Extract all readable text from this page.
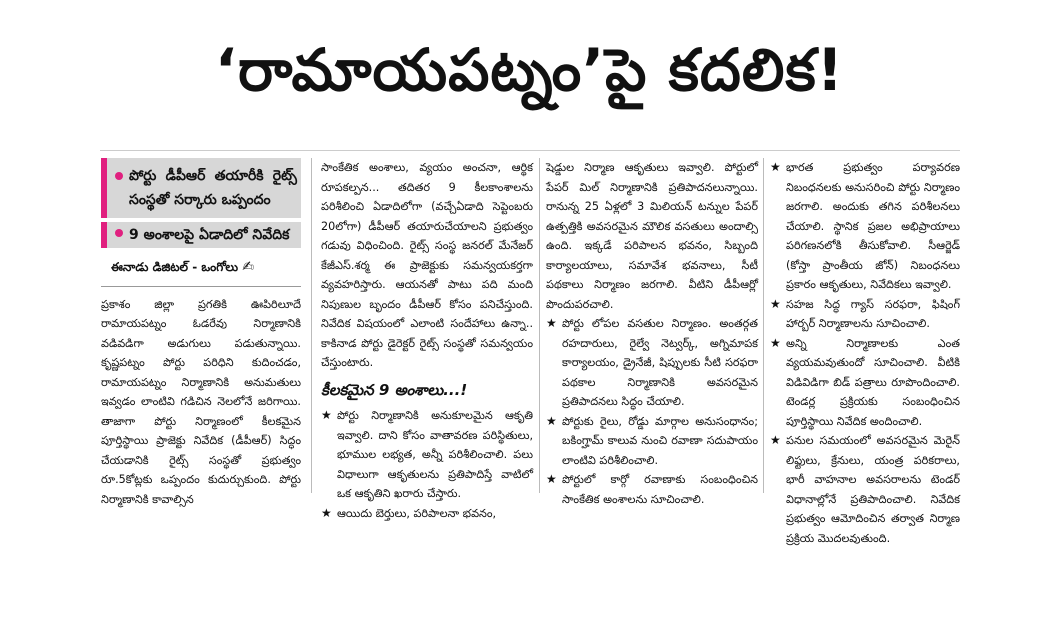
‘రామాయపట్నం’పై కదలిక!
పోర్టు డీపీఆర్ తయారీకి రైట్స్ సంస్థతో సర్కారు ఒప్పందం
9 అంశాలపై ఏడాదిలో నివేదిక
ఈనాడు డిజిటల్ - ఒంగోలు ✍
ప్రకాశం జిల్లా ప్రగతికి ఊపిరిలూదే రామాయపట్నం ఓడరేవు నిర్మాణానికి వడివడిగా అడుగులు పడుతున్నాయి. కృష్ణపట్నం పోర్టు పరిధిని కుదించడం, రామాయపట్నం నిర్మాణానికి అనుమతులు ఇవ్వడం లాంటివి గడిచిన నెలలోనే జరిగాయి. తాజాగా పోర్టు నిర్మాణంలో కీలకమైన పూర్తిస్థాయి ప్రాజెక్టు నివేదిక (డీపీఆర్) సిద్ధం చేయడానికి రైట్స్ సంస్థతో ప్రభుత్వం రూ.5కోట్లకు ఒప్పందం కుదుర్చుకుంది. పోర్టు నిర్మాణానికి కావాల్సిన
సాంకేతిక అంశాలు, వ్యయం అంచనా, ఆర్థిక రూపకల్పన... తదితర 9 కీలకాంశాలను పరిశీలించి ఏడాదిలోగా (వచ్చేఏడాది సెప్టెంబరు 20లోగా) డీపీఆర్ తయారుచేయాలని ప్రభుత్వం గడువు విధించింది. రైట్స్ సంస్థ జనరల్ మేనేజర్ కేజీఎస్.శర్మ ఈ ప్రాజెక్టుకు సమన్వయకర్తగా వ్యవహరిస్తారు. ఆయనతో పాటు పది మంది నిపుణుల బృందం డీపీఆర్ కోసం పనిచేస్తుంది. నివేదిక విషయంలో ఎలాంటి సందేహాలు ఉన్నా.. కాకినాడ పోర్టు డైరెక్టర్ రైట్స్ సంస్థతో సమన్వయం చేస్తుంటారు.
కీలకమైన 9 అంశాలు...!
★ పోర్టు నిర్మాణానికి అనుకూలమైన ఆకృతి ఇవ్వాలి. దాని కోసం వాతావరణ పరిస్థితులు, భూముల లభ్యత, అన్నీ పరిశీలించాలి. పలు విధాలుగా ఆకృతులను ప్రతిపాదిస్తే వాటిలో ఒక ఆకృతిని ఖరారు చేస్తారు.
★ ఆయిదు బెర్తులు, పరిపాలనా భవనం,
షెడ్డుల నిర్మాణ ఆకృతులు ఇవ్వాలి. పోర్టులో పేపర్ మిల్ నిర్మాణానికి ప్రతిపాదనలున్నాయి. రానున్న 25 ఏళ్లలో 3 మిలియన్ టన్నుల పేపర్ ఉత్పత్తికి అవసరమైన మౌలిక వసతులు అందాల్సి ఉంది. ఇక్కడే పరిపాలన భవనం, సిబ్బంది కార్యాలయాలు, సమావేశ భవనాలు, సీటీ పథకాలు నిర్మాణం జరగాలి. వీటిని డీపీఆర్లో పొందుపరచాలి.
★ పోర్టు లోపల వసతుల నిర్మాణం. అంతర్గత రహదారులు, రైల్వే నెట్వర్క్, అగ్నిమాపక కార్యాలయం, డ్రైనేజీ, షిప్పులకు సీటి సరఫరా పథకాల నిర్మాణానికి అవసరమైన ప్రతిపాదనలు సిద్ధం చేయాలి.
★ పోర్టుకు రైలు, రోడ్డు మార్గాల అనుసంధానం; బకింగ్హామ్ కాలువ నుంచి రవాణా సదుపాయం లాంటివి పరిశీలించాలి.
★ పోర్టులో కార్గో రవాణాకు సంబంధించిన సాంకేతిక అంశాలను సూచించాలి.
★ భారత ప్రభుత్వం పర్యావరణ నిబంధనలకు అనుసరించి పోర్టు నిర్మాణం జరగాలి. అందుకు తగిన పరిశీలనలు చేయాలి. స్థానిక ప్రజల అభిప్రాయాలు పరిగణనలోకి తీసుకోవాలి. సీఆర్జెడ్ (కోస్తా ప్రాంతీయ జోన్) నిబంధనలు ప్రకారం ఆకృతులు, నివేదికలు ఇవ్వాలి.
★ సహజ సిద్ధ గ్యాస్ సరఫరా, ఫిషింగ్ హార్బర్ నిర్మాణాలను సూచించాలి.
★ అన్ని నిర్మాణాలకు ఎంత వ్యయమవుతుందో సూచించాలి. వీటికి విడివిడిగా బిడ్ పత్రాలు రూపొందించాలి. టెండర్ల ప్రక్రియకు సంబంధించిన పూర్తిస్థాయి నివేదిక అందించాలి.
★ పనుల సమయంలో అవసరమైన మెరైన్ లిఫ్టులు, క్రేనులు, యంత్ర పరికరాలు, భారీ వాహనాల అవసరాలను టెండర్ విధానాల్లోనే ప్రతిపాదించాలి. నివేదిక ప్రభుత్వం ఆమోదించిన తర్వాత నిర్మాణ ప్రక్రియ మొదలవుతుంది.
